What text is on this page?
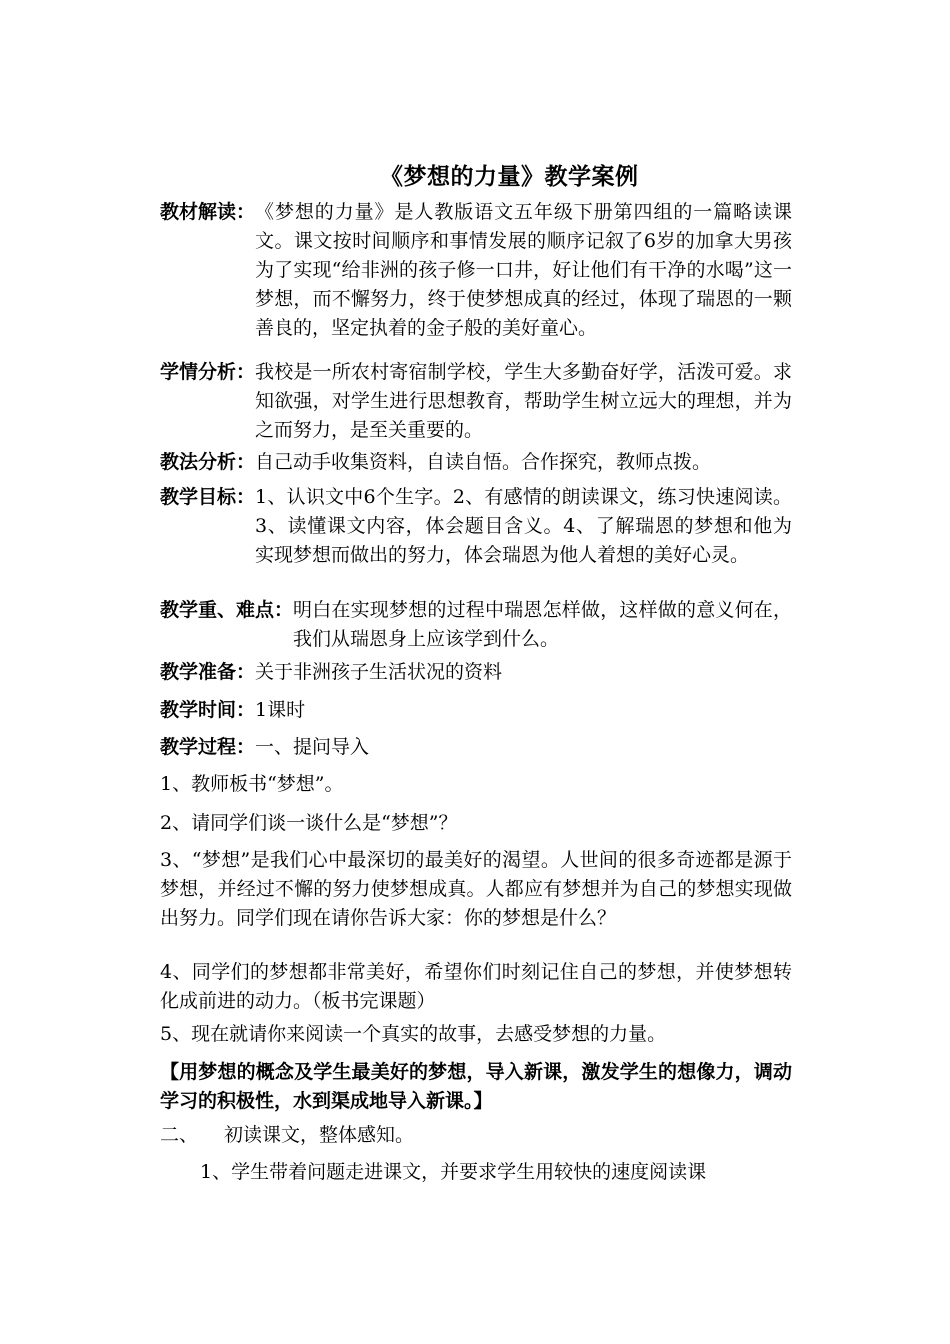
《梦想的力量》教学案例
教材解读： 《梦想的力量》是人教版语文五年级下册第四组的一篇略读课文。课文按时间顺序和事情发展的顺序记叙了6岁的加拿大男孩为了实现“给非洲的孩子修一口井，好让他们有干净的水喝”这一梦想，而不懈努力，终于使梦想成真的经过，体现了瑞恩的一颗善良的，坚定执着的金子般的美好童心。
学情分析： 我校是一所农村寄宿制学校，学生大多勤奋好学，活泼可爱。求知欲强，对学生进行思想教育，帮助学生树立远大的理想，并为之而努力，是至关重要的。
教法分析： 自己动手收集资料，自读自悟。合作探究，教师点拨。
教学目标： 1、认识文中6个生字。2、有感情的朗读课文，练习快速阅读。3、读懂课文内容，体会题目含义。4、了解瑞恩的梦想和他为实现梦想而做出的努力，体会瑞恩为他人着想的美好心灵。
教学重、难点： 明白在实现梦想的过程中瑞恩怎样做，这样做的意义何在，我们从瑞恩身上应该学到什么。
教学准备： 关于非洲孩子生活状况的资料
教学时间： 1课时
教学过程： 一、提问导入
1、教师板书“梦想”。
2、请同学们谈一谈什么是“梦想”？
3、“梦想”是我们心中最深切的最美好的渴望。人世间的很多奇迹都是源于梦想，并经过不懈的努力使梦想成真。人都应有梦想并为自己的梦想实现做出努力。同学们现在请你告诉大家：你的梦想是什么？
4、同学们的梦想都非常美好，希望你们时刻记住自己的梦想，并使梦想转化成前进的动力。（板书完课题）
5、现在就请你来阅读一个真实的故事，去感受梦想的力量。
【用梦想的概念及学生最美好的梦想，导入新课，激发学生的想像力，调动学习的积极性，水到渠成地导入新课。】
二、 初读课文，整体感知。
1、学生带着问题走进课文，并要求学生用较快的速度阅读课
